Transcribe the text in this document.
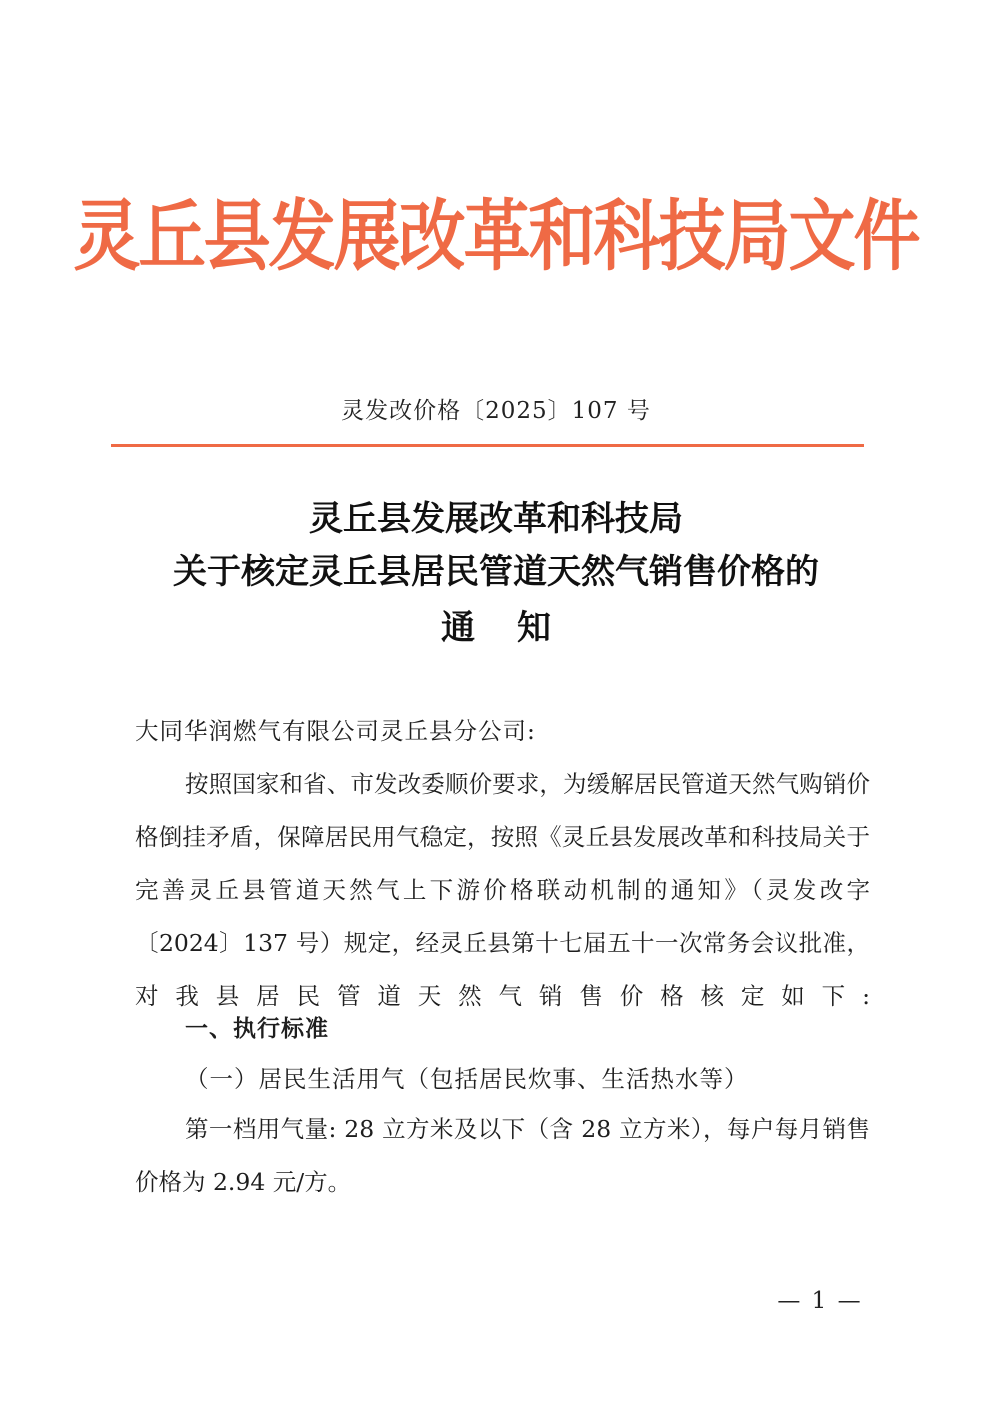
灵丘县发展改革和科技局文件
灵发改价格〔2025〕107 号
灵丘县发展改革和科技局
关于核定灵丘县居民管道天然气销售价格的
通知
大同华润燃气有限公司灵丘县分公司:
按照国家和省、市发改委顺价要求，为缓解居民管道天然气购销价格倒挂矛盾，保障居民用气稳定，按照《灵丘县发展改革和科技局关于完善灵丘县管道天然气上下游价格联动机制的通知》（灵发改字〔2024〕137 号）规定，经灵丘县第十七届五十一次常务会议批准，对我县居民管道天然气销售价格核定如下:
一、执行标准
（一）居民生活用气（包括居民炊事、生活热水等）
第一档用气量: 28 立方米及以下（含 28 立方米），每户每月销售价格为 2.94 元/方。
— 1 —
